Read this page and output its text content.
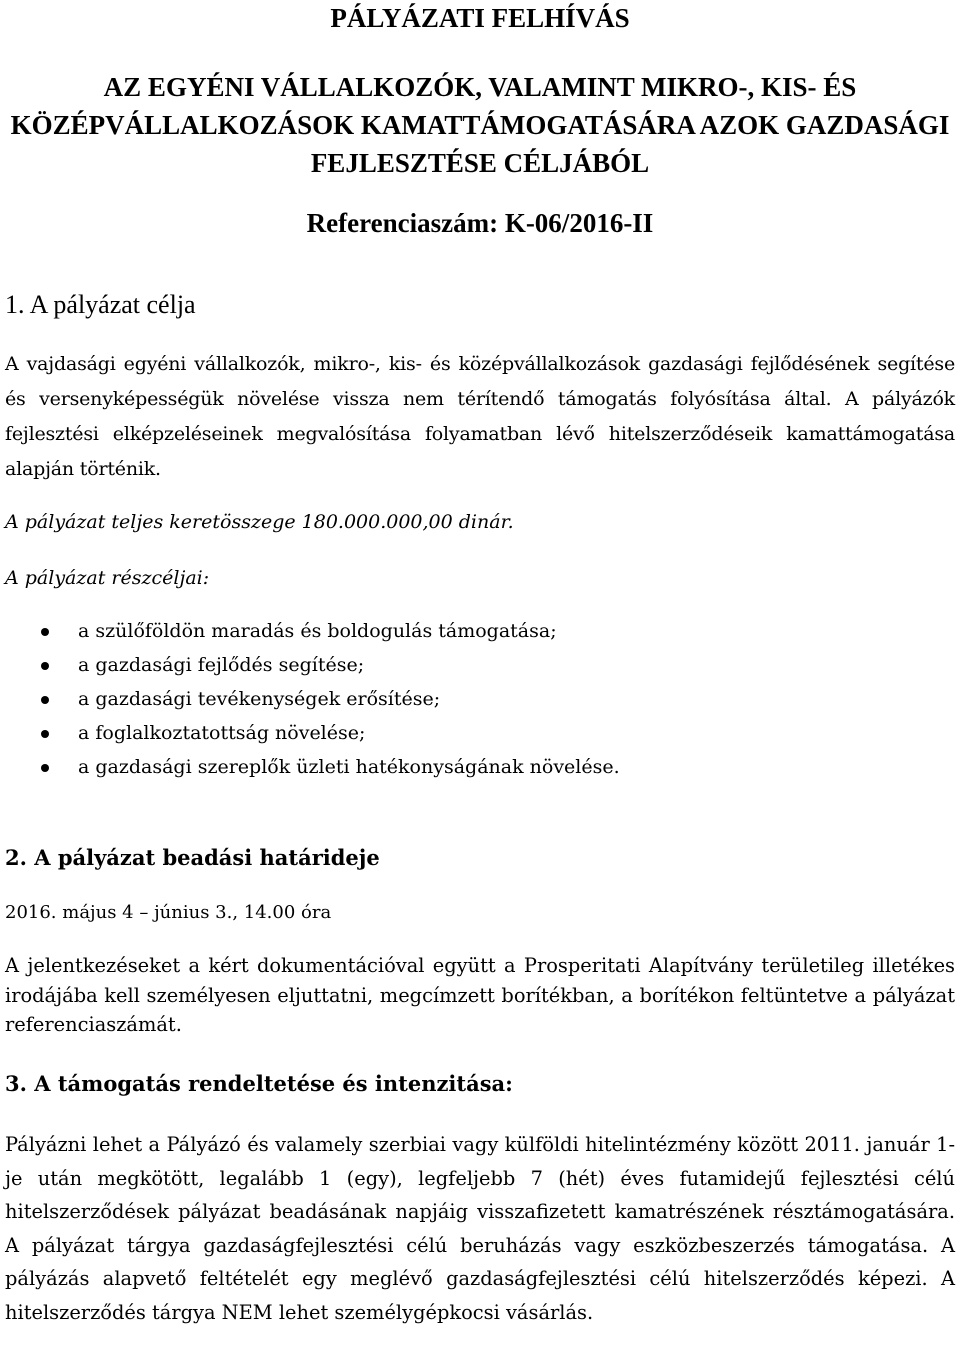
PÁLYÁZATI FELHÍVÁS
AZ EGYÉNI VÁLLALKOZÓK, VALAMINT MIKRO-, KIS- ÉS
KÖZÉPVÁLLALKOZÁSOK KAMATTÁMOGATÁSÁRA AZOK GAZDASÁGI
FEJLESZTÉSE CÉLJÁBÓL
Referenciaszám: K-06/2016-II
1. A pályázat célja
A vajdasági egyéni vállalkozók, mikro-, kis- és középvállalkozások gazdasági fejlődésének segítése és versenyképességük növelése vissza nem térítendő támogatás folyósítása által. A pályázók fejlesztési elképzeléseinek megvalósítása folyamatban lévő hitelszerződéseik kamattámogatása alapján történik.
A pályázat teljes keretösszege 180.000.000,00 dinár.
A pályázat részcéljai:
a szülőföldön maradás és boldogulás támogatása;
a gazdasági fejlődés segítése;
a gazdasági tevékenységek erősítése;
a foglalkoztatottság növelése;
a gazdasági szereplők üzleti hatékonyságának növelése.
2. A pályázat beadási határideje
2016. május 4 – június 3., 14.00 óra
A jelentkezéseket a kért dokumentációval együtt a Prosperitati Alapítvány területileg illetékes irodájába kell személyesen eljuttatni, megcímzett borítékban, a borítékon feltüntetve a pályázat referenciaszámát.
3. A támogatás rendeltetése és intenzitása:
Pályázni lehet a Pályázó és valamely szerbiai vagy külföldi hitelintézmény között 2011. január 1-je után megkötött, legalább 1 (egy), legfeljebb 7 (hét) éves futamidejű fejlesztési célú hitelszerződések pályázat beadásának napjáig visszafizetett kamatrészének résztámogatására. A pályázat tárgya gazdaságfejlesztési célú beruházás vagy eszközbeszerzés támogatása. A pályázás alapvető feltételét egy meglévő gazdaságfejlesztési célú hitelszerződés képezi. A hitelszerződés tárgya NEM lehet személygépkocsi vásárlás.
